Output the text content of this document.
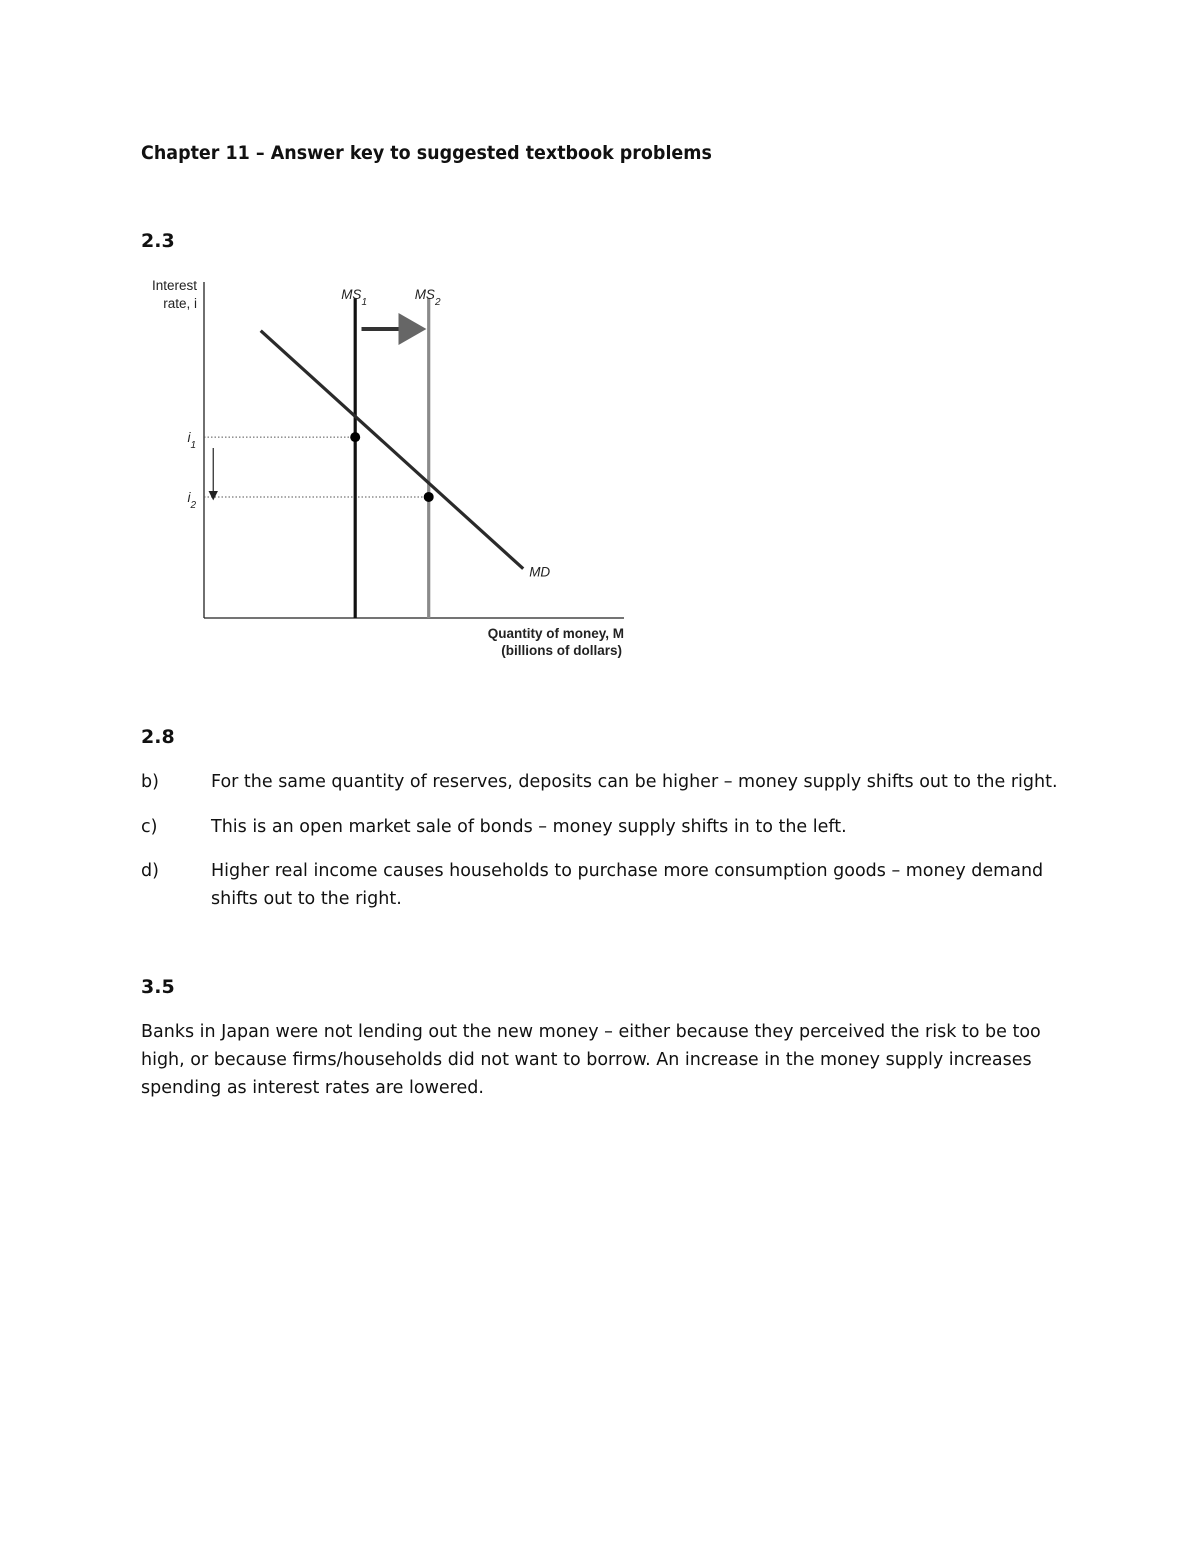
Chapter 11 – Answer key to suggested textbook problems
2.3
$i_1$
$i_2$
$MS_1$	$MS_2$
MD
Interest
rate, i
Quantity of money, M
(billions of dollars)
2.8
b)	For the same quantity of reserves, deposits can be higher – money supply shifts out to the right.
c)	This is an open market sale of bonds – money supply shifts in to the left.
d)	Higher real income causes households to purchase more consumption goods – money demand shifts out to the right.
3.5
Banks in Japan were not lending out the new money – either because they perceived the risk to be too high, or because firms/households did not want to borrow. An increase in the money supply increases spending as interest rates are lowered.
